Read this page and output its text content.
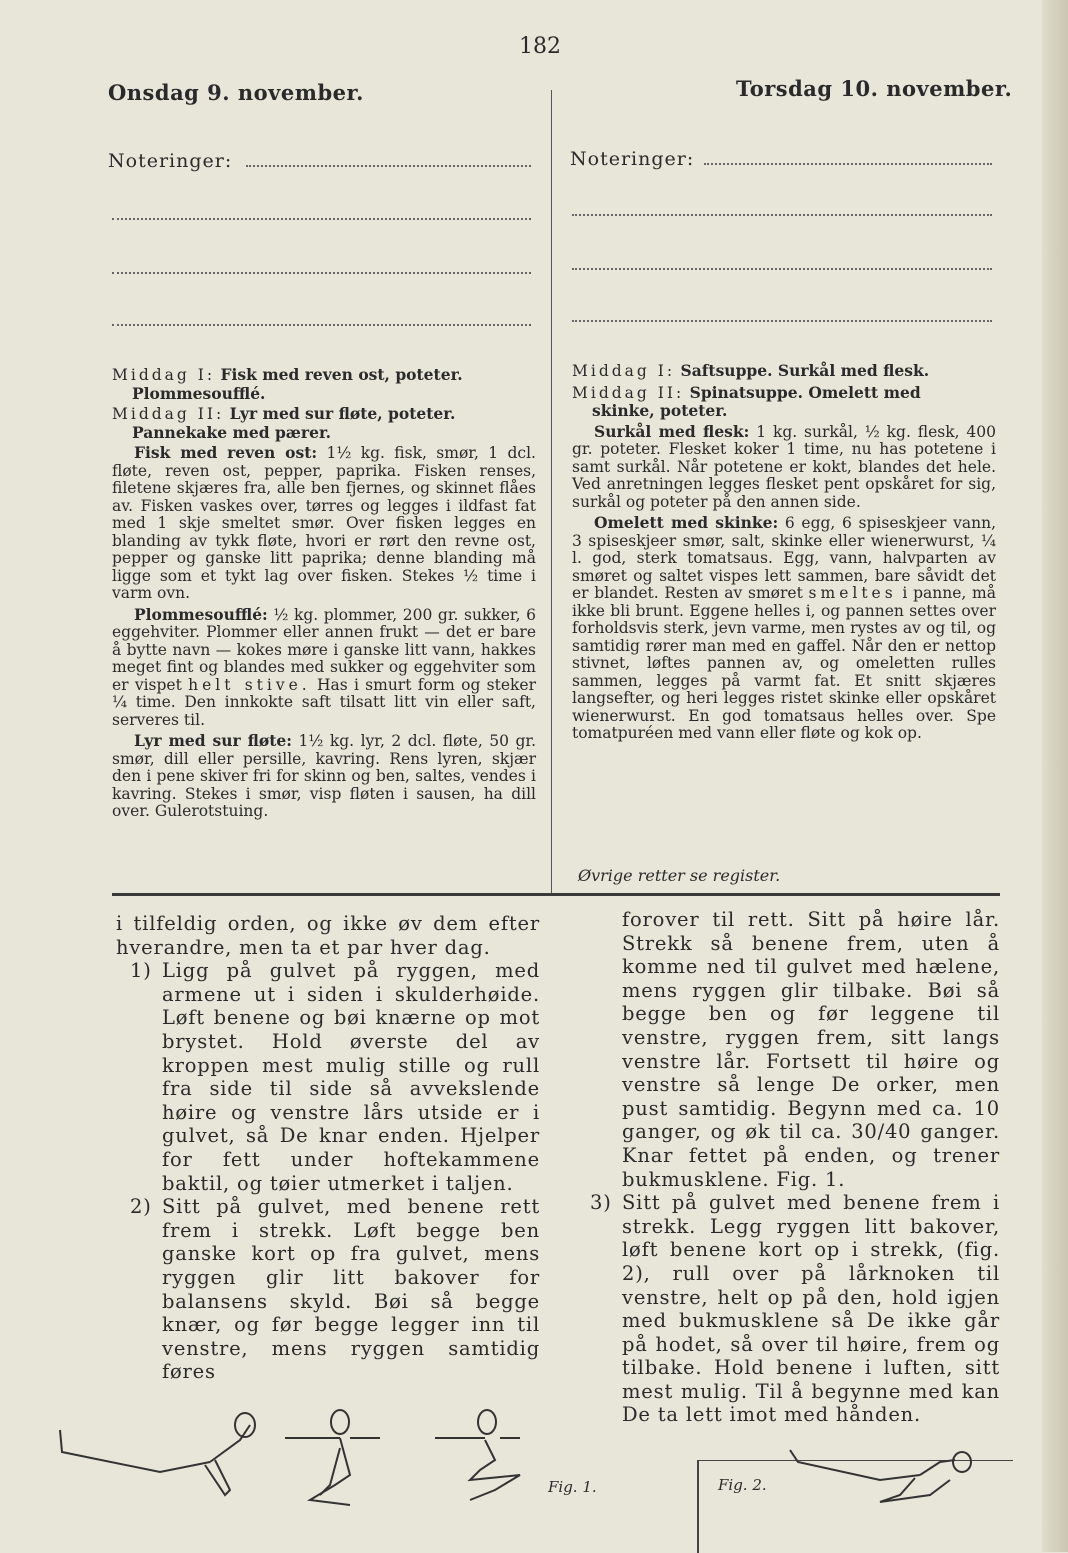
182
Onsdag 9. november.	Torsdag 10. november.
Noteringer:	Noteringer:

Middag I: Fisk med reven ost, poteter.
Plommesoufflé.

Middag II: Lyr med sur fløte, poteter.
Pannekake med pærer.

Fisk med reven ost: 1½ kg. fisk, smør, 1 dcl. fløte, reven ost, pepper, paprika. Fisken renses, filetene skjæres fra, alle ben fjernes, og skinnet flåes av. Fisken vaskes over, tørres og legges i ildfast fat med 1 skje smeltet smør. Over fisken legges en blanding av tykk fløte, hvori er rørt den revne ost, pepper og ganske litt paprika; denne blanding må ligge som et tykt lag over fisken. Stekes ½ time i varm ovn.

Plommesoufflé: ½ kg. plommer, 200 gr. sukker, 6 eggehviter. Plommer eller annen frukt — det er bare å bytte navn — kokes møre i ganske litt vann, hakkes meget fint og blandes med sukker og eggehviter som er vispet helt stive. Has i smurt form og steker ¼ time. Den innkokte saft tilsatt litt vin eller saft, serveres til.

Lyr med sur fløte: 1½ kg. lyr, 2 dcl. fløte, 50 gr. smør, dill eller persille, kavring. Rens lyren, skjær den i pene skiver fri for skinn og ben, saltes, vendes i kavring. Stekes i smør, visp fløten i sausen, ha dill over. Gulerotstuing.

Middag I: Saftsuppe. Surkål med flesk.

Middag II: Spinatsuppe. Omelett med
skinke, poteter.

Surkål med flesk: 1 kg. surkål, ½ kg. flesk, 400 gr. poteter. Flesket koker 1 time, nu has potetene i samt surkål. Når potetene er kokt, blandes det hele. Ved anretningen legges flesket pent opskåret for sig, surkål og poteter på den annen side.

Omelett med skinke: 6 egg, 6 spiseskjeer vann, 3 spiseskjeer smør, salt, skinke eller wienerwurst, ¼ l. god, sterk tomatsaus. Egg, vann, halvparten av smøret og saltet vispes lett sammen, bare såvidt det er blandet. Resten av smøret smeltes i panne, må ikke bli brunt. Eggene helles i, og pannen settes over forholdsvis sterk, jevn varme, men rystes av og til, og samtidig rører man med en gaffel. Når den er nettop stivnet, løftes pannen av, og omeletten rulles sammen, legges på varmt fat. Et snitt skjæres langsefter, og heri legges ristet skinke eller opskåret wienerwurst. En god tomatsaus helles over. Spe tomatpuréen med vann eller fløte og kok op.

Øvrige retter se register.

i tilfeldig orden, og ikke øv dem efter hverandre, men ta et par hver dag.

1) Ligg på gulvet på ryggen, med armene ut i siden i skulderhøide. Løft benene og bøi knærne op mot brystet. Hold øverste del av kroppen mest mulig stille og rull fra side til side så avvekslende høire og venstre lårs utside er i gulvet, så De knar enden. Hjelper for fett under hoftekammene baktil, og tøier utmerket i taljen.
2) Sitt på gulvet, med benene rett frem i strekk. Løft begge ben ganske kort op fra gulvet, mens ryggen glir litt bakover for balansens skyld. Bøi så begge knær, og før begge legger inn til venstre, mens ryggen samtidig føres
forover til rett. Sitt på høire lår. Strekk så benene frem, uten å komme ned til gulvet med hælene, mens ryggen glir tilbake. Bøi så begge ben og før leggene til venstre, ryggen frem, sitt langs venstre lår. Fortsett til høire og venstre så lenge De orker, men pust samtidig. Begynn med ca. 10 ganger, og øk til ca. 30/40 ganger. Knar fettet på enden, og trener bukmusklene. Fig. 1.
3) Sitt på gulvet med benene frem i strekk. Legg ryggen litt bakover, løft benene kort op i strekk, (fig. 2), rull over på lårknoken til venstre, helt op på den, hold igjen med bukmusklene så De ikke går på hodet, så over til høire, frem og tilbake. Hold benene i luften, sitt mest mulig. Til å begynne med kan De ta lett imot med hånden.
Fig. 1.	Fig. 2.
